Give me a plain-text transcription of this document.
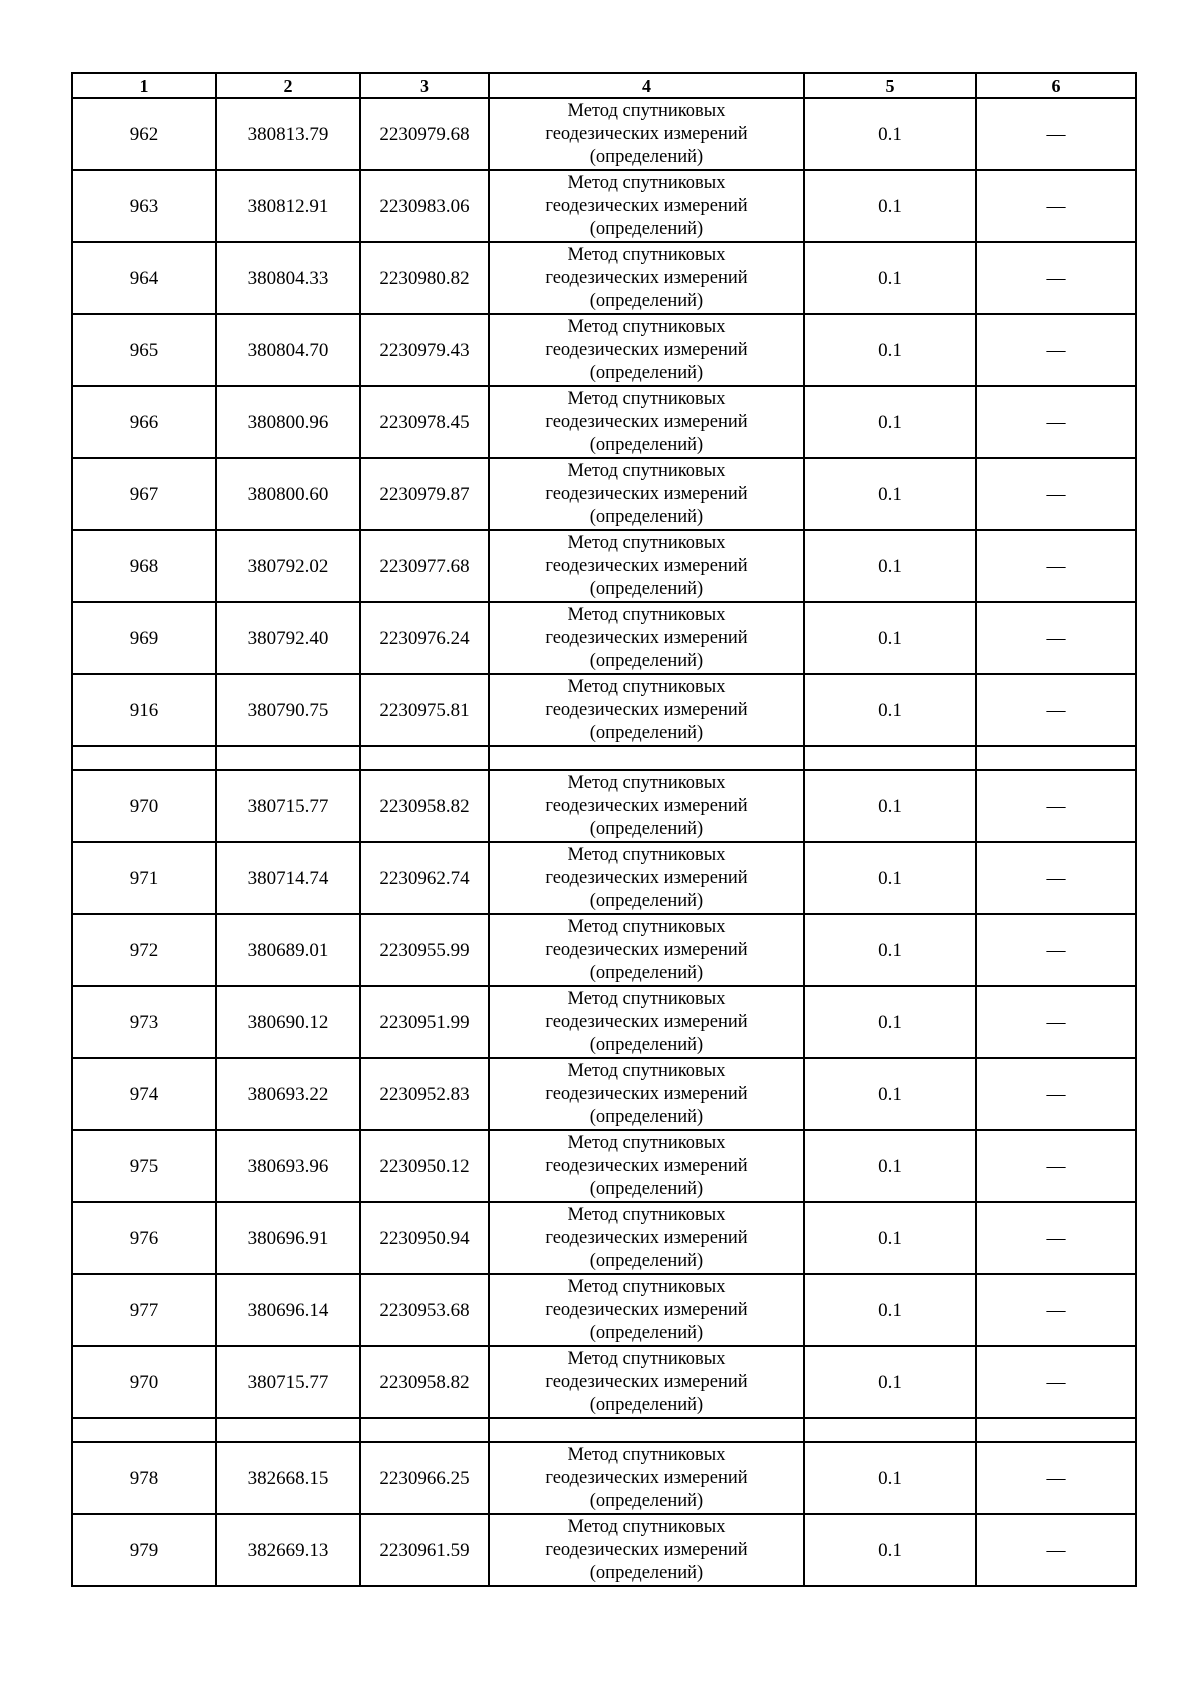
1	2	3	4	5	6
962	380813.79	2230979.68	Метод спутниковых
геодезических измерений
(определений)	0.1	—
963	380812.91	2230983.06	Метод спутниковых
геодезических измерений
(определений)	0.1	—
964	380804.33	2230980.82	Метод спутниковых
геодезических измерений
(определений)	0.1	—
965	380804.70	2230979.43	Метод спутниковых
геодезических измерений
(определений)	0.1	—
966	380800.96	2230978.45	Метод спутниковых
геодезических измерений
(определений)	0.1	—
967	380800.60	2230979.87	Метод спутниковых
геодезических измерений
(определений)	0.1	—
968	380792.02	2230977.68	Метод спутниковых
геодезических измерений
(определений)	0.1	—
969	380792.40	2230976.24	Метод спутниковых
геодезических измерений
(определений)	0.1	—
916	380790.75	2230975.81	Метод спутниковых
геодезических измерений
(определений)	0.1	—

970	380715.77	2230958.82	Метод спутниковых
геодезических измерений
(определений)	0.1	—
971	380714.74	2230962.74	Метод спутниковых
геодезических измерений
(определений)	0.1	—
972	380689.01	2230955.99	Метод спутниковых
геодезических измерений
(определений)	0.1	—
973	380690.12	2230951.99	Метод спутниковых
геодезических измерений
(определений)	0.1	—
974	380693.22	2230952.83	Метод спутниковых
геодезических измерений
(определений)	0.1	—
975	380693.96	2230950.12	Метод спутниковых
геодезических измерений
(определений)	0.1	—
976	380696.91	2230950.94	Метод спутниковых
геодезических измерений
(определений)	0.1	—
977	380696.14	2230953.68	Метод спутниковых
геодезических измерений
(определений)	0.1	—
970	380715.77	2230958.82	Метод спутниковых
геодезических измерений
(определений)	0.1	—

978	382668.15	2230966.25	Метод спутниковых
геодезических измерений
(определений)	0.1	—
979	382669.13	2230961.59	Метод спутниковых
геодезических измерений
(определений)	0.1	—
